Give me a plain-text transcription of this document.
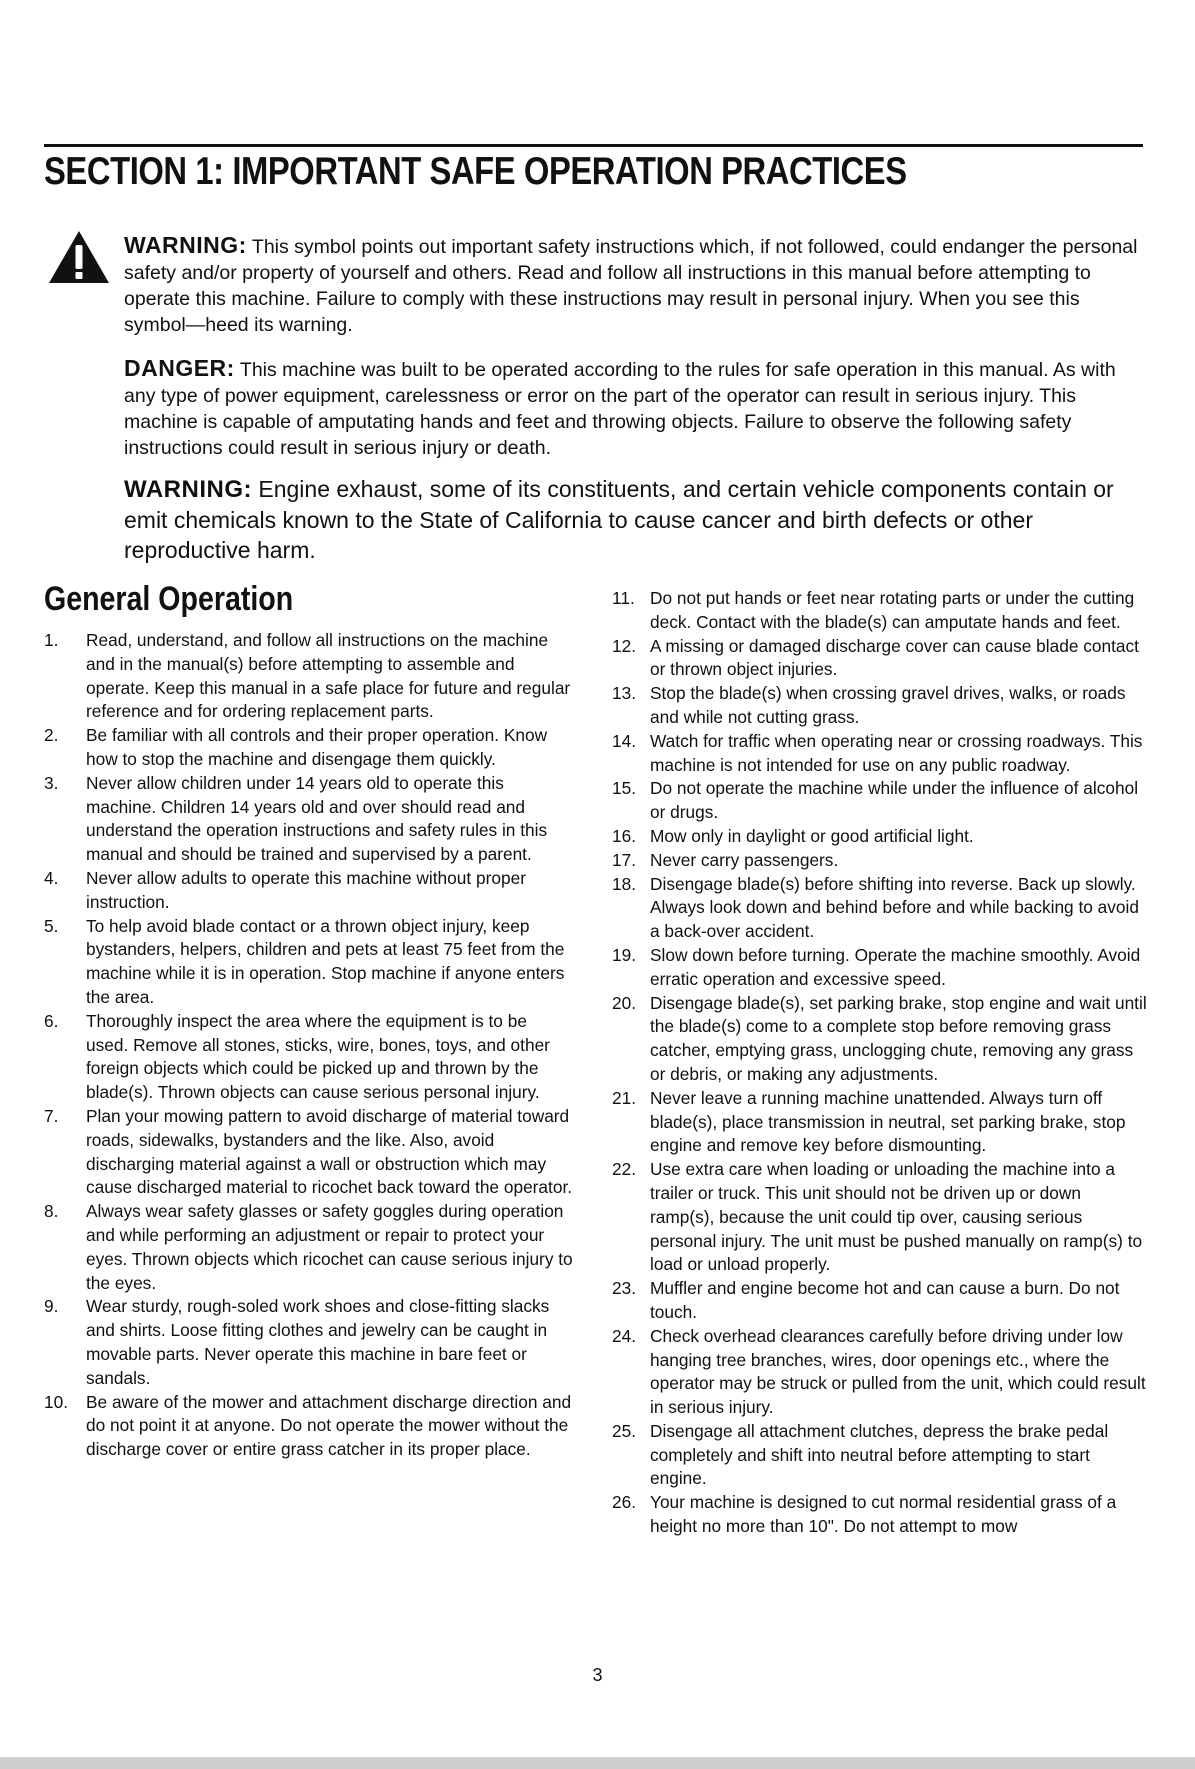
SECTION 1: IMPORTANT SAFE OPERATION PRACTICES

WARNING: This symbol points out important safety instructions which, if not followed, could endanger the personal safety and/or property of yourself and others. Read and follow all instructions in this manual before attempting to operate this machine. Failure to comply with these instructions may result in personal injury. When you see this symbol—heed its warning.

DANGER: This machine was built to be operated according to the rules for safe operation in this manual. As with any type of power equipment, carelessness or error on the part of the operator can result in serious injury. This machine is capable of amputating hands and feet and throwing objects. Failure to observe the following safety instructions could result in serious injury or death.

WARNING: Engine exhaust, some of its constituents, and certain vehicle components contain or emit chemicals known to the State of California to cause cancer and birth defects or other reproductive harm.

General Operation
1.	Read, understand, and follow all instructions on the machine and in the manual(s) before attempting to assemble and operate. Keep this manual in a safe place for future and regular reference and for ordering replacement parts.
2.	Be familiar with all controls and their proper operation. Know how to stop the machine and disengage them quickly.
3.	Never allow children under 14 years old to operate this machine. Children 14 years old and over should read and understand the operation instructions and safety rules in this manual and should be trained and supervised by a parent.
4.	Never allow adults to operate this machine without proper instruction.
5.	To help avoid blade contact or a thrown object injury, keep bystanders, helpers, children and pets at least 75 feet from the machine while it is in operation. Stop machine if anyone enters the area.
6.	Thoroughly inspect the area where the equipment is to be used. Remove all stones, sticks, wire, bones, toys, and other foreign objects which could be picked up and thrown by the blade(s). Thrown objects can cause serious personal injury.
7.	Plan your mowing pattern to avoid discharge of material toward roads, sidewalks, bystanders and the like. Also, avoid discharging material against a wall or obstruction which may cause discharged material to ricochet back toward the operator.
8.	Always wear safety glasses or safety goggles during operation and while performing an adjustment or repair to protect your eyes. Thrown objects which ricochet can cause serious injury to the eyes.
9.	Wear sturdy, rough-soled work shoes and close-fitting slacks and shirts. Loose fitting clothes and jewelry can be caught in movable parts. Never operate this machine in bare feet or sandals.
10.	Be aware of the mower and attachment discharge direction and do not point it at anyone. Do not operate the mower without the discharge cover or entire grass catcher in its proper place.
11. Do not put hands or feet near rotating parts or under the cutting deck. Contact with the blade(s) can amputate hands and feet.
12. A missing or damaged discharge cover can cause blade contact or thrown object injuries.
13. Stop the blade(s) when crossing gravel drives, walks, or roads and while not cutting grass.
14. Watch for traffic when operating near or crossing roadways. This machine is not intended for use on any public roadway.
15. Do not operate the machine while under the influence of alcohol or drugs.
16. Mow only in daylight or good artificial light.
17. Never carry passengers.
18. Disengage blade(s) before shifting into reverse. Back up slowly. Always look down and behind before and while backing to avoid a back-over accident.
19. Slow down before turning. Operate the machine smoothly. Avoid erratic operation and excessive speed.
20. Disengage blade(s), set parking brake, stop engine and wait until the blade(s) come to a complete stop before removing grass catcher, emptying grass, unclogging chute, removing any grass or debris, or making any adjustments.
21. Never leave a running machine unattended. Always turn off blade(s), place transmission in neutral, set parking brake, stop engine and remove key before dismounting.
22. Use extra care when loading or unloading the machine into a trailer or truck. This unit should not be driven up or down ramp(s), because the unit could tip over, causing serious personal injury. The unit must be pushed manually on ramp(s) to load or unload properly.
23. Muffler and engine become hot and can cause a burn. Do not touch.
24. Check overhead clearances carefully before driving under low hanging tree branches, wires, door openings etc., where the operator may be struck or pulled from the unit, which could result in serious injury.
25. Disengage all attachment clutches, depress the brake pedal completely and shift into neutral before attempting to start engine.
26. Your machine is designed to cut normal residential grass of a height no more than 10". Do not attempt to mow
3
